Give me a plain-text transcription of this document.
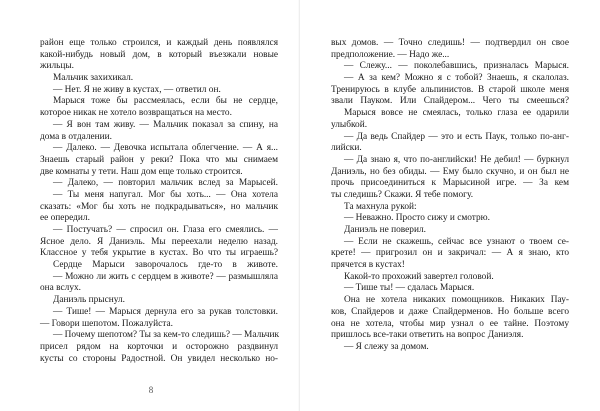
район еще только строился, и каждый день появлялся
какой-нибудь новый дом, в который въезжали новые
жильцы.
Мальчик захихикал.
— Нет. Я не живу в кустах, — ответил он.
Марыся тоже бы рассмеялась, если бы не сердце,
которое никак не хотело возвращаться на место.
— Я вон там живу. — Мальчик показал за спину, на
дома в отдалении.
— Далеко. — Девочка испытала облегчение. — А я...
Знаешь старый район у реки? Пока что мы снимаем
две комнаты у тети. Наш дом еще только строится.
— Далеко, — повторил мальчик вслед за Марысей.
— Ты меня напугал. Мог бы хоть... — Она хотела
сказать: «Мог бы хоть не подкрадываться», но мальчик
ее опередил.
— Постучать? — спросил он. Глаза его смеялись. —
Ясное дело. Я Даниэль. Мы переехали неделю назад.
Классное у тебя укрытие в кустах. Во что ты играешь?
Сердце Марыси заворочалось где-то в животе.
— Можно ли жить с сердцем в животе? — размышляла
она вслух.
Даниэль прыснул.
— Тише! — Марыся дернула его за рукав толстовки.
— Говори шепотом. Пожалуйста.
— Почему шепотом? Ты за кем-то следишь? — Мальчик
присел рядом на корточки и осторожно раздвинул
кусты со стороны Радостной. Он увидел несколько но-
8
вых домов. — Точно следишь! — подтвердил он свое
предположение. — Надо же...
— Слежу... — поколебавшись, призналась Марыся.
— А за кем? Можно я с тобой? Знаешь, я скалолаз.
Тренируюсь в клубе альпинистов. В старой школе меня
звали Пауком. Или Спайдером... Чего ты смеешься?
Марыся вовсе не смеялась, только глаза ее одарили
улыбкой.
— Да ведь Спайдер — это и есть Паук, только по-анг-
лийски.
— Да знаю я, что по-английски! Не дебил! — буркнул
Даниэль, но без обиды. — Ему было скучно, и он был не
прочь присоединиться к Марысиной игре. — За кем
ты следишь? Скажи. Я тебе помогу.
Та махнула рукой:
— Неважно. Просто сижу и смотрю.
Даниэль не поверил.
— Если не скажешь, сейчас все узнают о твоем се-
крете! — пригрозил он и закричал: — А я знаю, кто
прячется в кустах!
Какой-то прохожий завертел головой.
— Тише ты! — сдалась Марыся.
Она не хотела никаких помощников. Никаких Пау-
ков, Спайдеров и даже Спайдерменов. Но больше всего
она не хотела, чтобы мир узнал о ее тайне. Поэтому
пришлось все-таки ответить на вопрос Даниэля.
— Я слежу за домом.
